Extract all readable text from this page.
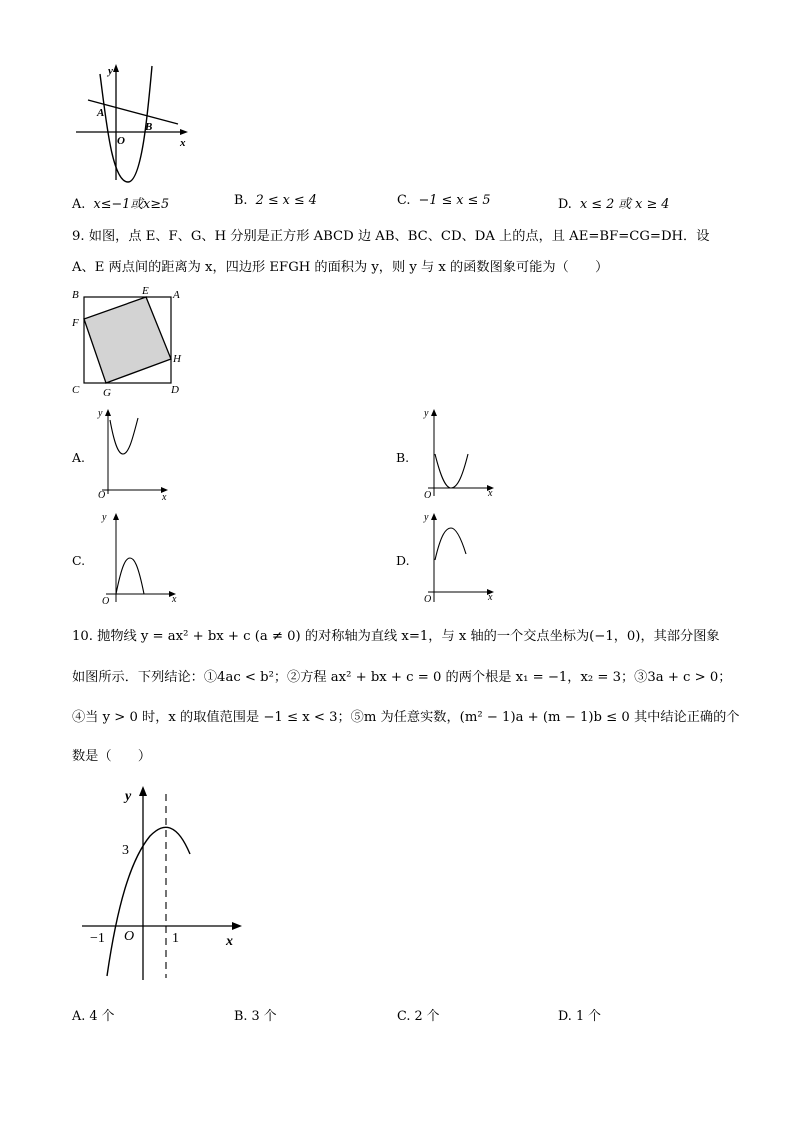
y
x
O
A
B
A. x≤−1或x≥5	B. 2 ≤ x ≤ 4	C. −1 ≤ x ≤ 5	D. x ≤ 2 或 x ≥ 4
9. 如图，点 E、F、G、H 分别是正方形 ABCD 边 AB、BC、CD、DA 上的点，且 AE=BF=CG=DH．设
A、E 两点间的距离为 x，四边形 EFGH 的面积为 y，则 y 与 x 的函数图象可能为（　　）
B	E A
F
H
C G	D
A.
y
O	x
B.
y
O	x
C.
y
O	x
D.
y
O	x
10. 抛物线 y = ax² + bx + c (a ≠ 0) 的对称轴为直线 x=1，与 x 轴的一个交点坐标为(−1，0)，其部分图象
如图所示．下列结论：①4ac < b²；②方程 ax² + bx + c = 0 的两个根是 x₁ = −1，x₂ = 3；③3a + c > 0；
④当 y > 0 时，x 的取值范围是 −1 ≤ x < 3；⑤m 为任意实数，(m² − 1)a + (m − 1)b ≤ 0 其中结论正确的个
数是（　　）
y
x
3
−1 O	1
A. 4 个	B. 3 个	C. 2 个	D. 1 个
